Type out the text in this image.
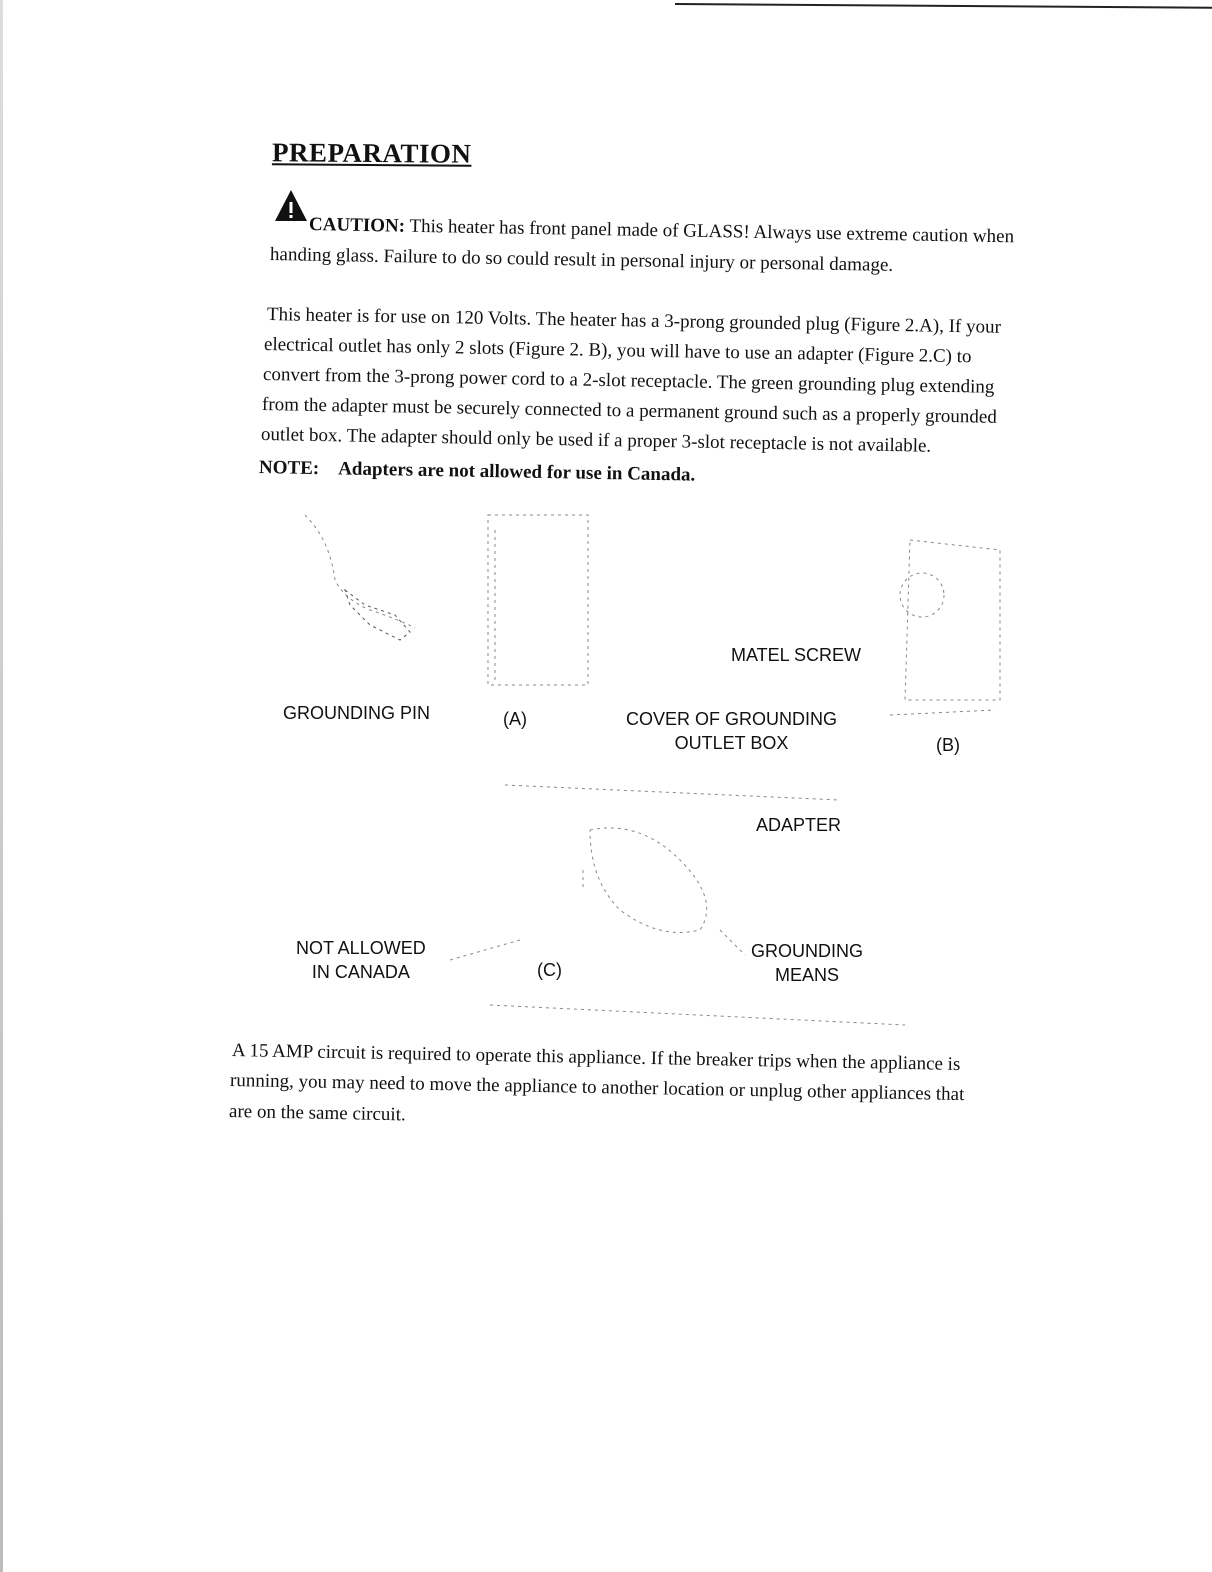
PREPARATION
CAUTION: This heater has front panel made of GLASS! Always use extreme caution when
handing glass. Failure to do so could result in personal injury or personal damage.
This heater is for use on 120 Volts. The heater has a 3-prong grounded plug (Figure 2.A), If your
electrical outlet has only 2 slots (Figure 2. B), you will have to use an adapter (Figure 2.C) to
convert from the 3-prong power cord to a 2-slot receptacle. The green grounding plug extending
from the adapter must be securely connected to a permanent ground such as a properly grounded
outlet box. The adapter should only be used if a proper 3-slot receptacle is not available.
NOTE: Adapters are not allowed for use in Canada.
GROUNDING PIN	(A)	COVER OF GROUNDING
OUTLET BOX
MATEL SCREW
(B)
ADAPTER
NOT ALLOWED
IN CANADA	(C)
GROUNDING
MEANS
A 15 AMP circuit is required to operate this appliance. If the breaker trips when the appliance is
running, you may need to move the appliance to another location or unplug other appliances that
are on the same circuit.
